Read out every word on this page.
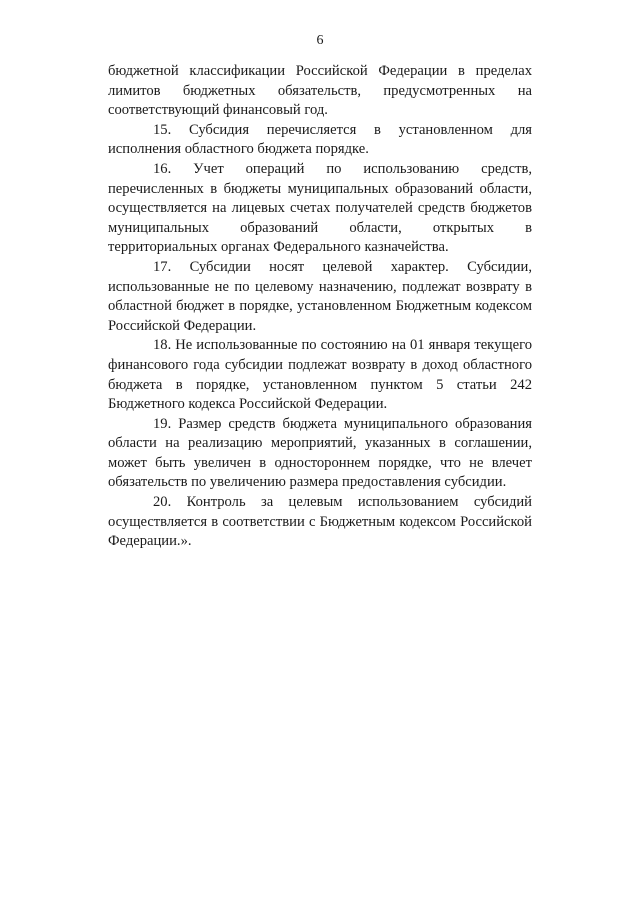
6

бюджетной классификации Российской Федерации в пределах лимитов бюджетных обязательств, предусмотренных на соответствующий финансовый год.

15. Субсидия перечисляется в установленном для исполнения областного бюджета порядке.

16. Учет операций по использованию средств, перечисленных в бюджеты муниципальных образований области, осуществляется на лицевых счетах получателей средств бюджетов муниципальных образований области, открытых в территориальных органах Федерального казначейства.

17. Субсидии носят целевой характер. Субсидии, использованные не по целевому назначению, подлежат возврату в областной бюджет в порядке, установленном Бюджетным кодексом Российской Федерации.

18. Не использованные по состоянию на 01 января текущего финансового года субсидии подлежат возврату в доход областного бюджета в порядке, установленном пунктом 5 статьи 242 Бюджетного кодекса Российской Федерации.

19. Размер средств бюджета муниципального образования области на реализацию мероприятий, указанных в соглашении, может быть увеличен в одностороннем порядке, что не влечет обязательств по увеличению размера предоставления субсидии.

20. Контроль за целевым использованием субсидий осуществляется в соответствии с Бюджетным кодексом Российской Федерации.».
